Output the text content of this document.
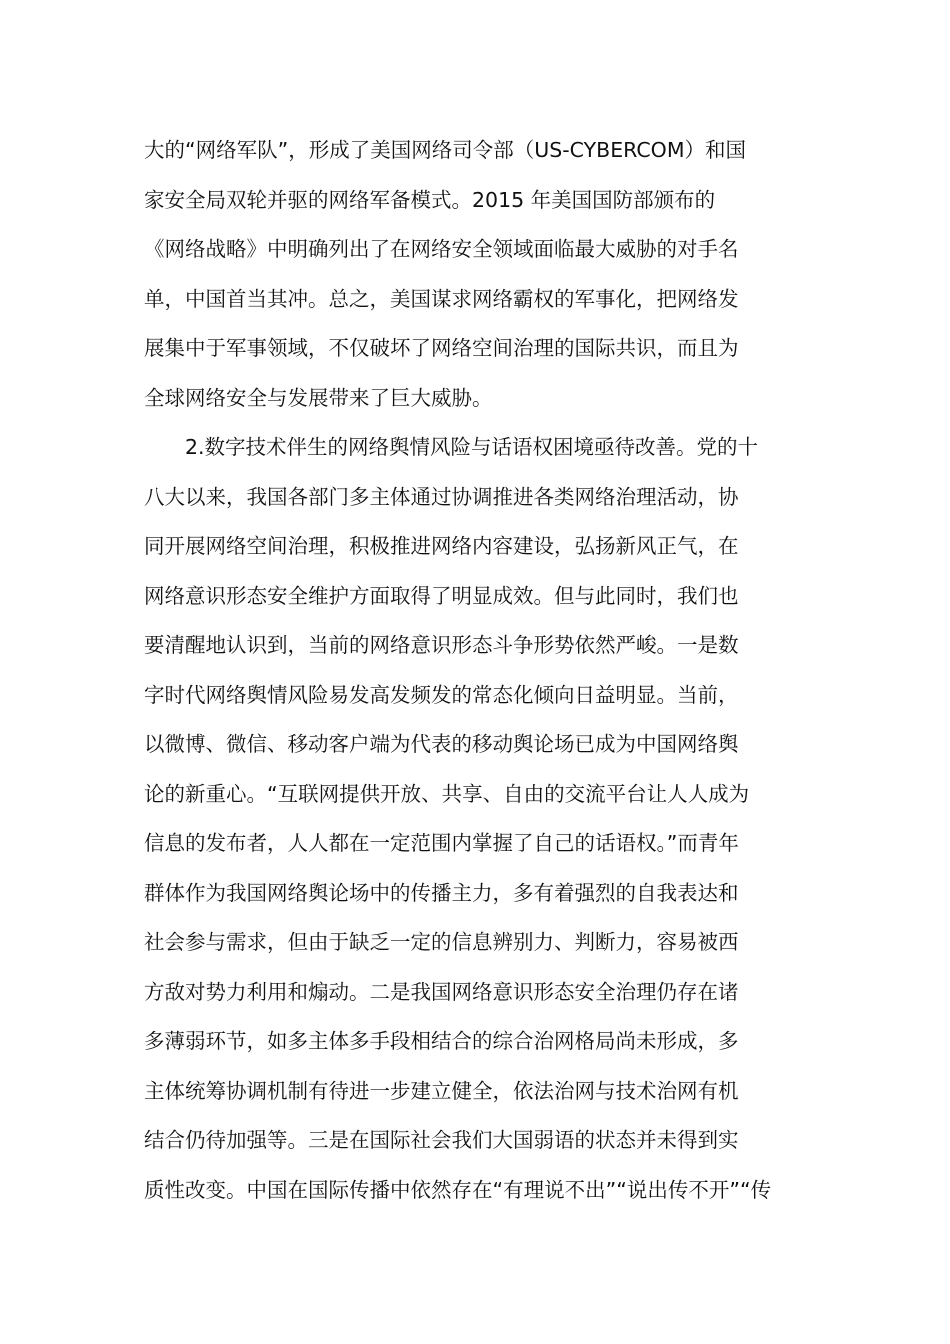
大的“网络军队”，形成了美国网络司令部（US-CYBERCOM）和国
家安全局双轮并驱的网络军备模式。2015 年美国国防部颁布的
《网络战略》中明确列出了在网络安全领域面临最大威胁的对手名
单，中国首当其冲。总之，美国谋求网络霸权的军事化，把网络发
展集中于军事领域，不仅破坏了网络空间治理的国际共识，而且为
全球网络安全与发展带来了巨大威胁。
　　2.数字技术伴生的网络舆情风险与话语权困境亟待改善。党的十
八大以来，我国各部门多主体通过协调推进各类网络治理活动，协
同开展网络空间治理，积极推进网络内容建设，弘扬新风正气，在
网络意识形态安全维护方面取得了明显成效。但与此同时，我们也
要清醒地认识到，当前的网络意识形态斗争形势依然严峻。一是数
字时代网络舆情风险易发高发频发的常态化倾向日益明显。当前，
以微博、微信、移动客户端为代表的移动舆论场已成为中国网络舆
论的新重心。“互联网提供开放、共享、自由的交流平台让人人成为
信息的发布者，人人都在一定范围内掌握了自己的话语权。”而青年
群体作为我国网络舆论场中的传播主力，多有着强烈的自我表达和
社会参与需求，但由于缺乏一定的信息辨别力、判断力，容易被西
方敌对势力利用和煽动。二是我国网络意识形态安全治理仍存在诸
多薄弱环节，如多主体多手段相结合的综合治网格局尚未形成，多
主体统筹协调机制有待进一步建立健全，依法治网与技术治网有机
结合仍待加强等。三是在国际社会我们大国弱语的状态并未得到实
质性改变。中国在国际传播中依然存在“有理说不出”“说出传不开”“传
